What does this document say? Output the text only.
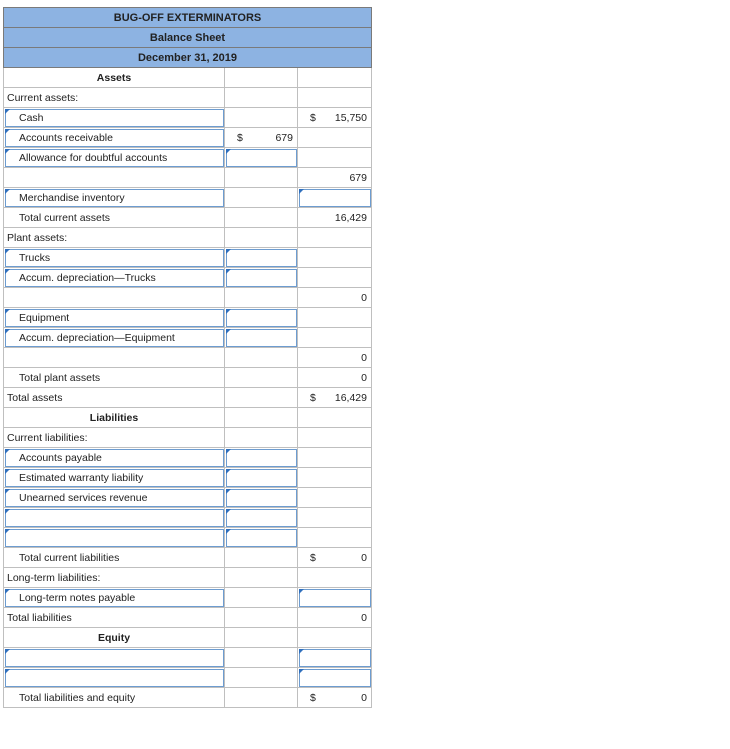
BUG-OFF EXTERMINATORS		
Balance Sheet		
December 31, 2019		

Assets		

Current assets:		

Cash		$ 15,750

Accounts receivable	$ 679	

Allowance for doubtful accounts		

		679

Merchandise inventory		

Total current assets		16,429

Plant assets:		

Trucks		

Accum. depreciation—Trucks		

		0

Equipment		

Accum. depreciation—Equipment		

		0

Total plant assets		0

Total assets		$ 16,429

Liabilities		

Current liabilities:		

Accounts payable		

Estimated warranty liability		

Unearned services revenue		

Total current liabilities		$ 0

Long-term liabilities:		

Long-term notes payable		

Total liabilities		0

Equity		

Total liabilities and equity		$ 0
